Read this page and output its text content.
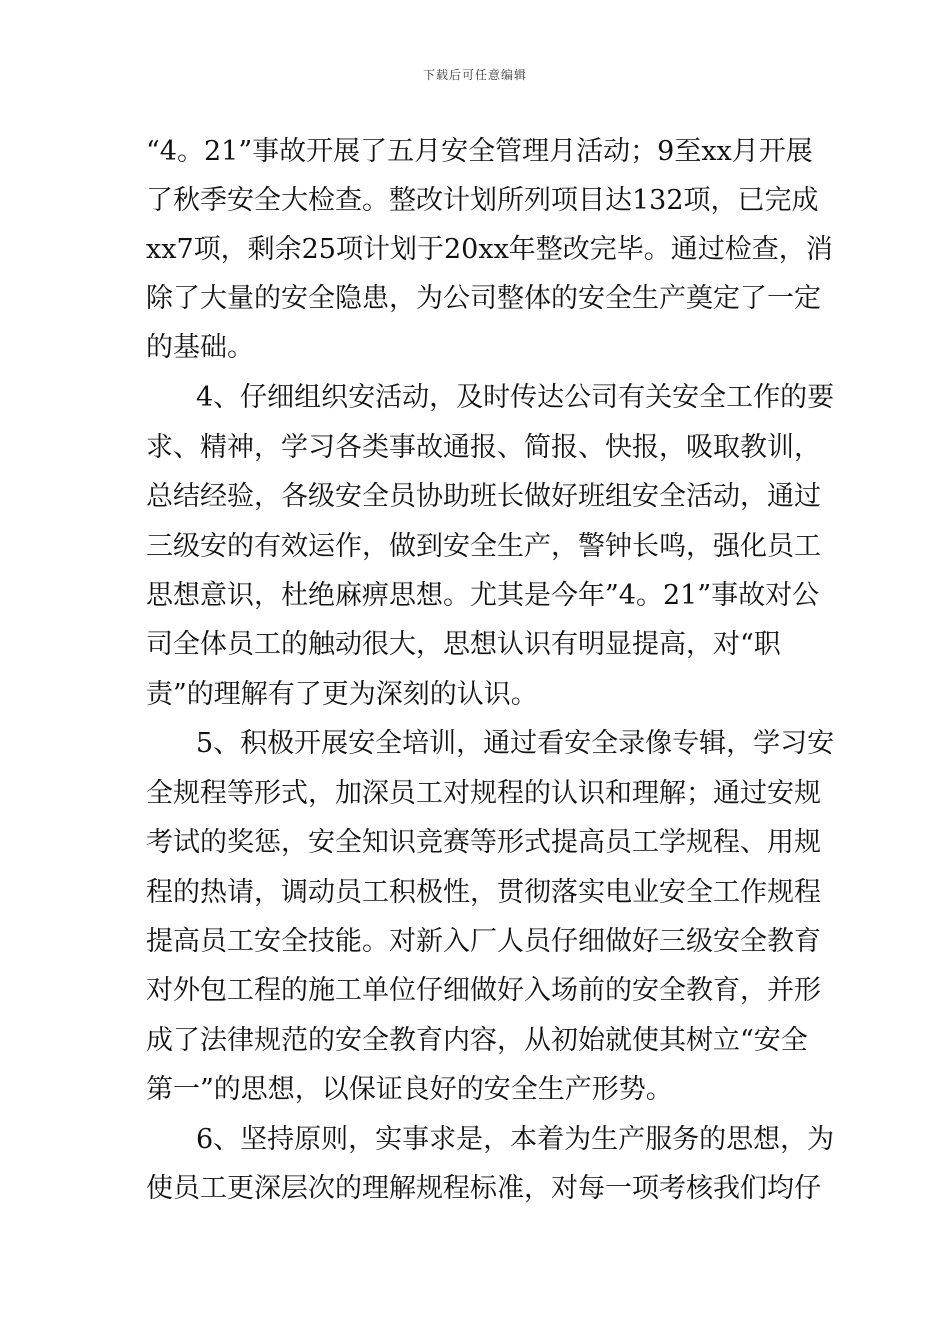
下载后可任意编辑
“4。21”事故开展了五月安全管理月活动；9至xx月开展
了秋季安全大检查。整改计划所列项目达132项，已完成
xx7项，剩余25项计划于20xx年整改完毕。通过检查，消
除了大量的安全隐患，为公司整体的安全生产奠定了一定
的基础。
4、仔细组织安活动，及时传达公司有关安全工作的要
求、精神，学习各类事故通报、简报、快报，吸取教训，
总结经验，各级安全员协助班长做好班组安全活动，通过
三级安的有效运作，做到安全生产，警钟长鸣，强化员工
思想意识，杜绝麻痹思想。尤其是今年”4。21”事故对公
司全体员工的触动很大，思想认识有明显提高，对“职
责”的理解有了更为深刻的认识。
5、积极开展安全培训，通过看安全录像专辑，学习安
全规程等形式，加深员工对规程的认识和理解；通过安规
考试的奖惩，安全知识竞赛等形式提高员工学规程、用规
程的热请，调动员工积极性，贯彻落实电业安全工作规程
提高员工安全技能。对新入厂人员仔细做好三级安全教育
对外包工程的施工单位仔细做好入场前的安全教育，并形
成了法律规范的安全教育内容，从初始就使其树立“安全
第一”的思想，以保证良好的安全生产形势。
6、坚持原则，实事求是，本着为生产服务的思想，为
使员工更深层次的理解规程标准，对每一项考核我们均仔
